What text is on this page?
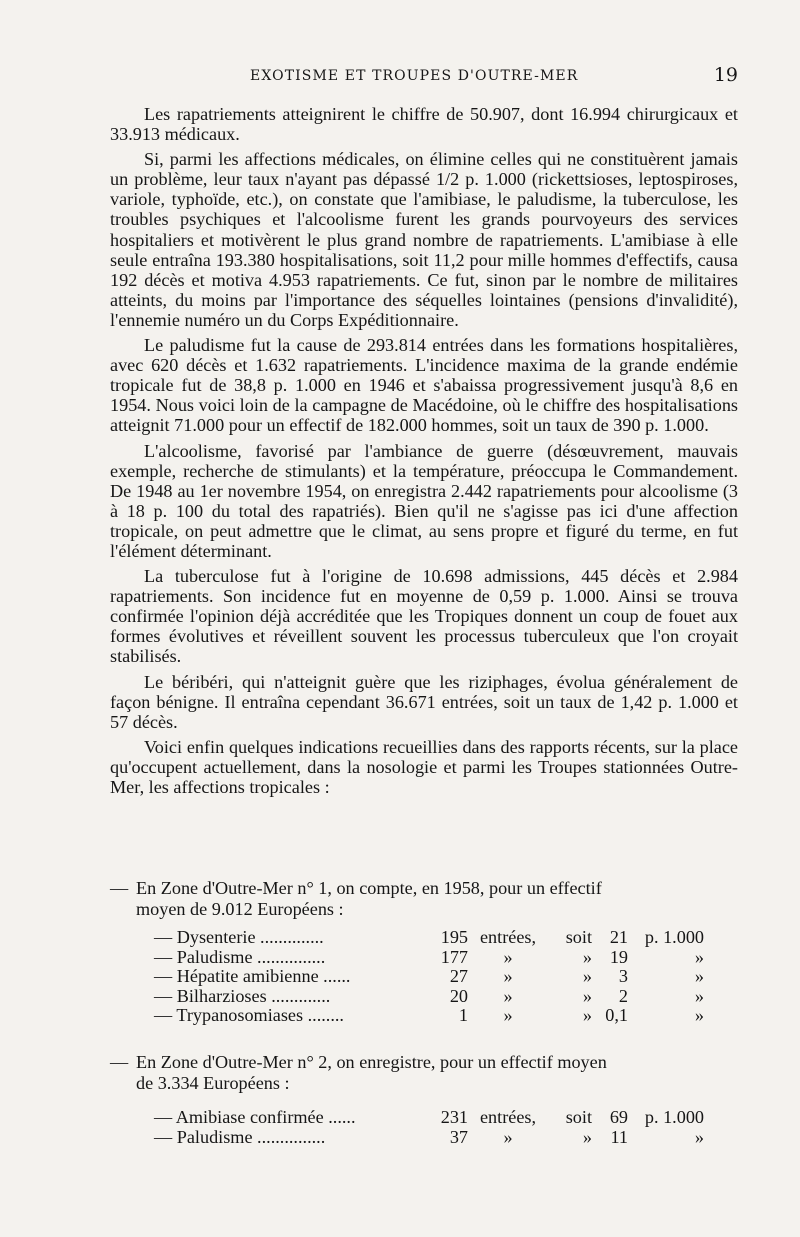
EXOTISME ET TROUPES D'OUTRE-MER	19

Les rapatriements atteignirent le chiffre de 50.907, dont 16.994 chirurgicaux et 33.913 médicaux.

Si, parmi les affections médicales, on élimine celles qui ne constituèrent jamais un problème, leur taux n'ayant pas dépassé 1/2 p. 1.000 (rickettsioses, leptospiroses, variole, typhoïde, etc.), on constate que l'amibiase, le paludisme, la tuberculose, les troubles psychiques et l'alcoolisme furent les grands pourvoyeurs des services hospitaliers et motivèrent le plus grand nombre de rapatriements. L'amibiase à elle seule entraîna 193.380 hospitalisations, soit 11,2 pour mille hommes d'effectifs, causa 192 décès et motiva 4.953 rapatriements. Ce fut, sinon par le nombre de militaires atteints, du moins par l'importance des séquelles lointaines (pensions d'invalidité), l'ennemie numéro un du Corps Expéditionnaire.

Le paludisme fut la cause de 293.814 entrées dans les formations hospitalières, avec 620 décès et 1.632 rapatriements. L'incidence maxima de la grande endémie tropicale fut de 38,8 p. 1.000 en 1946 et s'abaissa progressivement jusqu'à 8,6 en 1954. Nous voici loin de la campagne de Macédoine, où le chiffre des hospitalisations atteignit 71.000 pour un effectif de 182.000 hommes, soit un taux de 390 p. 1.000.

L'alcoolisme, favorisé par l'ambiance de guerre (désœuvrement, mauvais exemple, recherche de stimulants) et la température, préoccupa le Commandement. De 1948 au 1er novembre 1954, on enregistra 2.442 rapatriements pour alcoolisme (3 à 18 p. 100 du total des rapatriés). Bien qu'il ne s'agisse pas ici d'une affection tropicale, on peut admettre que le climat, au sens propre et figuré du terme, en fut l'élément déterminant.

La tuberculose fut à l'origine de 10.698 admissions, 445 décès et 2.984 rapatriements. Son incidence fut en moyenne de 0,59 p. 1.000. Ainsi se trouva confirmée l'opinion déjà accréditée que les Tropiques donnent un coup de fouet aux formes évolutives et réveillent souvent les processus tuberculeux que l'on croyait stabilisés.

Le béribéri, qui n'atteignit guère que les riziphages, évolua généralement de façon bénigne. Il entraîna cependant 36.671 entrées, soit un taux de 1,42 p. 1.000 et 57 décès.

Voici enfin quelques indications recueillies dans des rapports récents, sur la place qu'occupent actuellement, dans la nosologie et parmi les Troupes stationnées Outre-Mer, les affections tropicales :

— En Zone d'Outre-Mer n° 1, on compte, en 1958, pour un effectif
moyen de 9.012 Européens :
— Dysenterie ..............	195	entrées,	soit	21	p. 1.000
— Paludisme ...............	177	»	»	19	»
— Hépatite amibienne ......	27	»	»	3	»
— Bilharzioses .............	20	»	»	2	»
— Trypanosomiases ........	1	»	»	0,1	»
— En Zone d'Outre-Mer n° 2, on enregistre, pour un effectif moyen
de 3.334 Européens :
— Amibiase confirmée ......	231	entrées,	soit	69	p. 1.000
— Paludisme ...............	37	»	»	11	»
